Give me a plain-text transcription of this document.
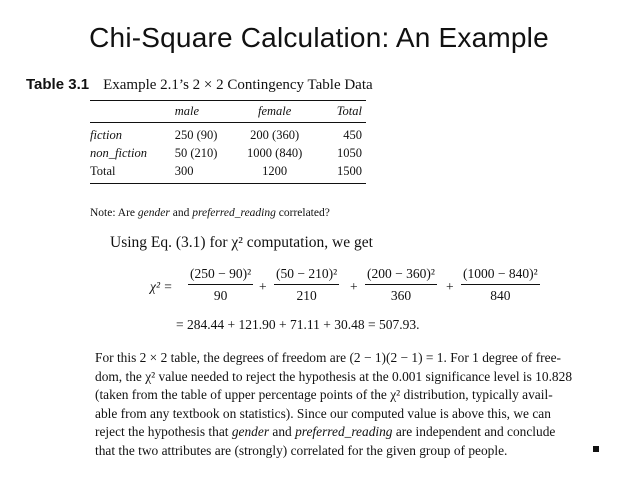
Chi-Square Calculation: An Example
Table 3.1 Example 2.1’s 2 × 2 Contingency Table Data
	male	female	Total
fiction	250 (90)	200 (360)	450
non_fiction	50 (210)	1000 (840)	1050
Total	300	1200	1500
Note: Are gender and preferred_reading correlated?
Using Eq. (3.1) for χ² computation, we get
$\chi^2 = \frac{\text{(250 − 90)²}}{90} + \frac{\text{(50 − 210)²}}{210} + \frac{\text{(200 − 360)²}}{360} + \frac{\text{(1000 − 840)²}}{840}$
= 284.44 + 121.90 + 71.11 + 30.48 = 507.93.
For this 2 × 2 table, the degrees of freedom are (2 − 1)(2 − 1) = 1. For 1 degree of free-
dom, the χ² value needed to reject the hypothesis at the 0.001 significance level is 10.828
(taken from the table of upper percentage points of the χ² distribution, typically avail-
able from any textbook on statistics). Since our computed value is above this, we can
reject the hypothesis that gender and preferred_reading are independent and conclude
that the two attributes are (strongly) correlated for the given group of people.
